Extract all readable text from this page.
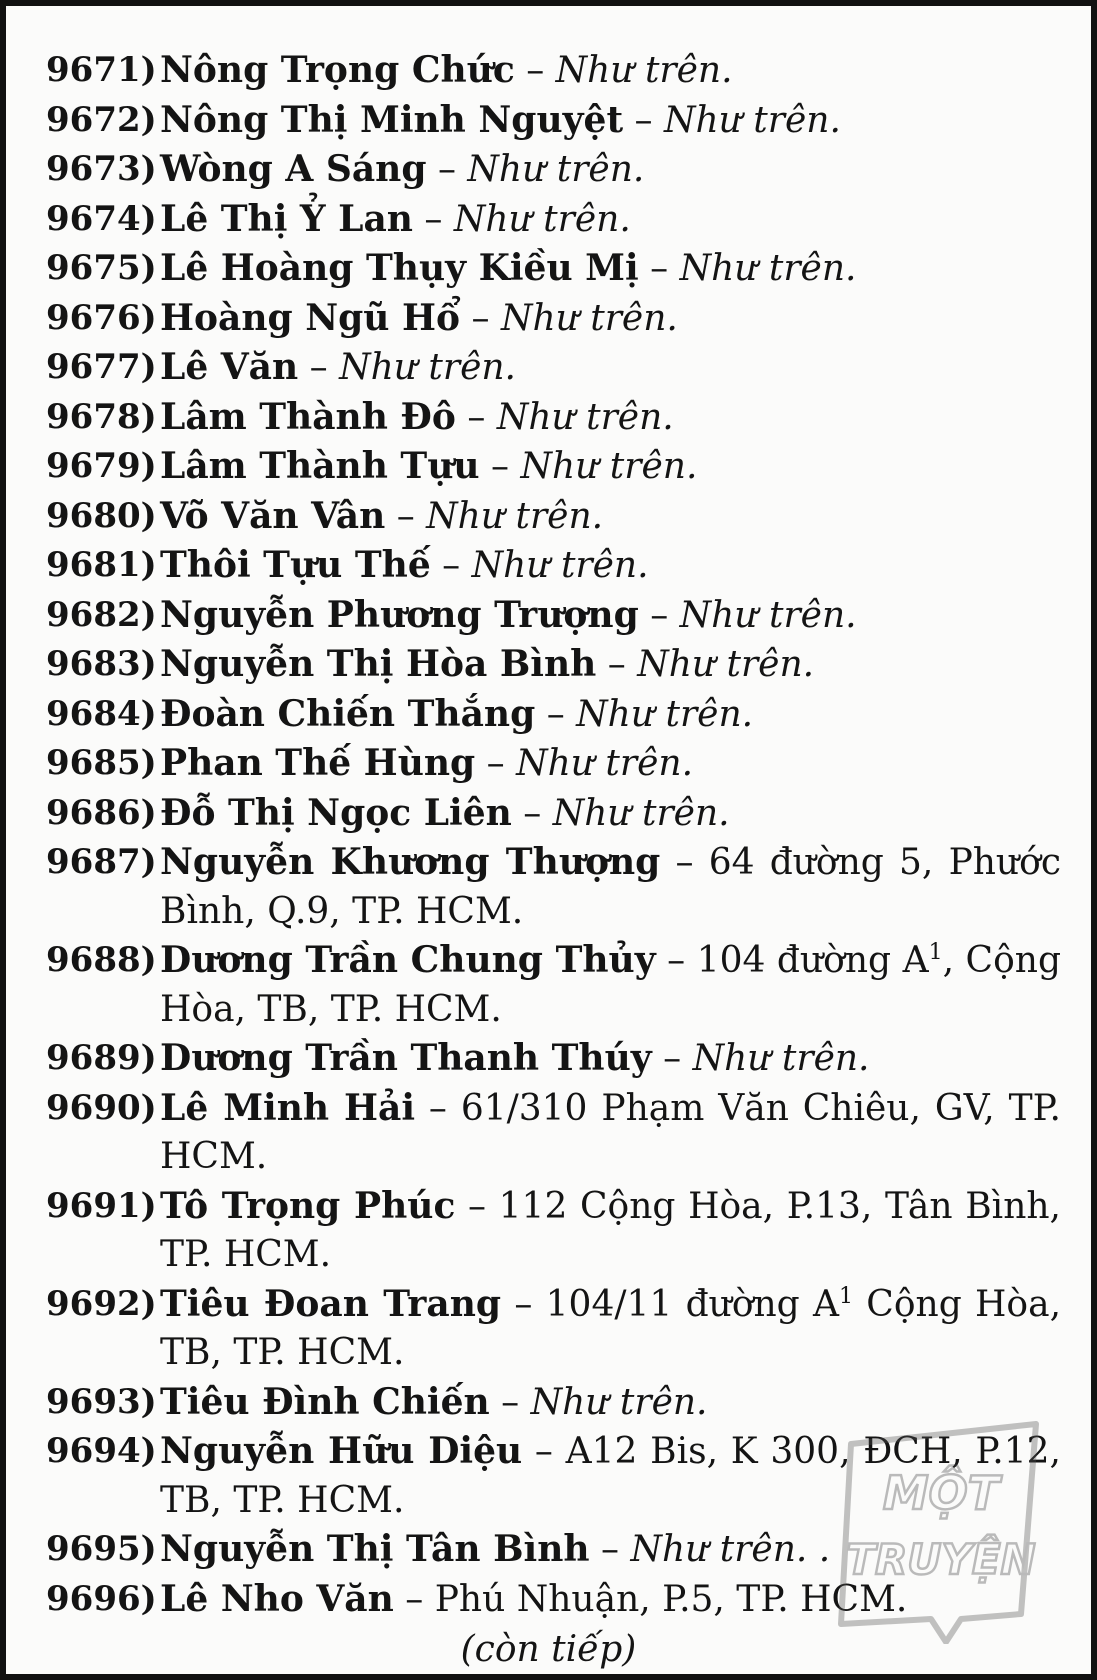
9671) Nông Trọng Chức – Như trên.
9672) Nông Thị Minh Nguyệt – Như trên.
9673) Wòng A Sáng – Như trên.
9674) Lê Thị Ỷ Lan – Như trên.
9675) Lê Hoàng Thụy Kiều Mị – Như trên.
9676) Hoàng Ngũ Hổ – Như trên.
9677) Lê Văn – Như trên.
9678) Lâm Thành Đô – Như trên.
9679) Lâm Thành Tựu – Như trên.
9680) Võ Văn Vân – Như trên.
9681) Thôi Tựu Thế – Như trên.
9682) Nguyễn Phương Trượng – Như trên.
9683) Nguyễn Thị Hòa Bình – Như trên.
9684) Đoàn Chiến Thắng – Như trên.
9685) Phan Thế Hùng – Như trên.
9686) Đỗ Thị Ngọc Liên – Như trên.
9687) Nguyễn Khương Thượng – 64 đường 5, Phước Bình, Q.9, TP. HCM.
9688) Dương Trần Chung Thủy – 104 đường $A^1$, Cộng Hòa, TB, TP. HCM.
9689) Dương Trần Thanh Thúy – Như trên.
9690) Lê Minh Hải – 61/310 Phạm Văn Chiêu, GV, TP. HCM.
9691) Tô Trọng Phúc – 112 Cộng Hòa, P.13, Tân Bình, TP. HCM.
9692) Tiêu Đoan Trang – 104/11 đường $A^1$ Cộng Hòa, TB, TP. HCM.
9693) Tiêu Đình Chiến – Như trên.
9694) Nguyễn Hữu Diệu – A12 Bis, K 300, ĐCH, P.12, TB, TP. HCM.
9695) Nguyễn Thị Tân Bình – Như trên. .
9696) Lê Nho Văn – Phú Nhuận, P.5, TP. HCM.
(còn tiếp)
MỘT
TRUYỆN
